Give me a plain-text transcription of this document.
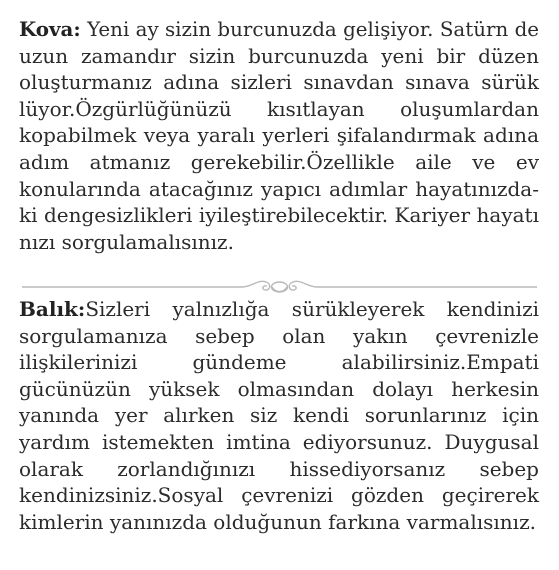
Kova: Yeni ay sizin burcunuzda gelişiyor. Satürn de
uzun zamandır sizin burcunuzda yeni bir düzen
oluşturmanız adına sizleri sınavdan sınava sürük
lüyor.Özgürlüğünüzü kısıtlayan oluşumlardan
kopabilmek veya yaralı yerleri şifalandırmak adına
adım atmanız gerekebilir.Özellikle aile ve ev
konularında atacağınız yapıcı adımlar hayatınızda-
ki dengesizlikleri iyileştirebilecektir. Kariyer hayatı
nızı sorgulamalısınız.
Balık:Sizleri yalnızlığa sürükleyerek kendinizi
sorgulamanıza sebep olan yakın çevrenizle
ilişkilerinizi gündeme alabilirsiniz.Empati
gücünüzün yüksek olmasından dolayı herkesin
yanında yer alırken siz kendi sorunlarınız için
yardım istemekten imtina ediyorsunuz. Duygusal
olarak zorlandığınızı hissediyorsanız sebep
kendinizsiniz.Sosyal çevrenizi gözden geçirerek
kimlerin yanınızda olduğunun farkına varmalısınız.
